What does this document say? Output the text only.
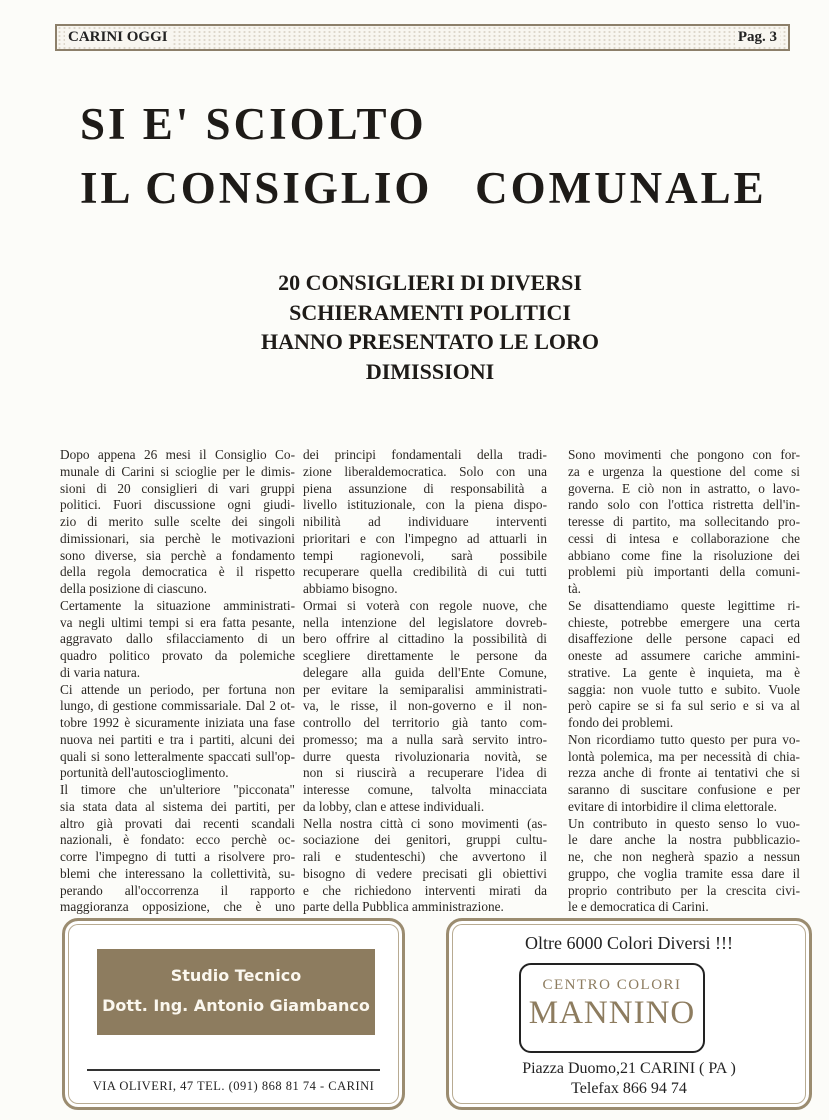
CARINI OGGI	Pag. 3
SI E' SCIOLTO
IL CONSIGLIO   COMUNALE
20 CONSIGLIERI DI DIVERSI
SCHIERAMENTI POLITICI
HANNO PRESENTATO LE LORO
DIMISSIONI
Dopo appena 26 mesi il Consiglio Co-
munale di Carini si scioglie per le dimis-
sioni di 20 consiglieri di vari gruppi
politici. Fuori discussione ogni giudi-
zio di merito sulle scelte dei singoli
dimissionari, sia perchè le motivazioni
sono diverse, sia perchè a fondamento
della regola democratica è il rispetto
della posizione di ciascuno.
Certamente la situazione amministrati-
va negli ultimi tempi si era fatta pesante,
aggravato dallo sfilacciamento di un
quadro politico provato da polemiche
di varia natura.
Ci attende un periodo, per fortuna non
lungo, di gestione commissariale. Dal 2 ot-
tobre 1992 è sicuramente iniziata una fase
nuova nei partiti e tra i partiti, alcuni dei
quali si sono letteralmente spaccati sull'op-
portunità dell'autoscioglimento.
Il timore che un'ulteriore "picconata"
sia stata data al sistema dei partiti, per
altro già provati dai recenti scandali
nazionali, è fondato: ecco perchè oc-
corre l'impegno di tutti a risolvere pro-
blemi che interessano la collettività, su-
perando all'occorrenza il rapporto
maggioranza opposizione, che è uno
dei principi fondamentali della tradi-
zione liberaldemocratica. Solo con una
piena assunzione di responsabilità a
livello istituzionale, con la piena dispo-
nibilità ad individuare interventi
prioritari e con l'impegno ad attuarli in
tempi ragionevoli, sarà possibile
recuperare quella credibilità di cui tutti
abbiamo bisogno.
Ormai si voterà con regole nuove, che
nella intenzione del legislatore dovreb-
bero offrire al cittadino la possibilità di
scegliere direttamente le persone da
delegare alla guida dell'Ente Comune,
per evitare la semiparalisi amministrati-
va, le risse, il non-governo e il non-
controllo del territorio già tanto com-
promesso; ma a nulla sarà servito intro-
durre questa rivoluzionaria novità, se
non si riuscirà a recuperare l'idea di
interesse comune, talvolta minacciata
da lobby, clan e attese individuali.
Nella nostra città ci sono movimenti (as-
sociazione dei genitori, gruppi cultu-
rali e studenteschi) che avvertono il
bisogno di vedere precisati gli obiettivi
e che richiedono interventi mirati da
parte della Pubblica amministrazione.
Sono movimenti che pongono con for-
za e urgenza la questione del come si
governa. E ciò non in astratto, o lavo-
rando solo con l'ottica ristretta dell'in-
teresse di partito, ma sollecitando pro-
cessi di intesa e collaborazione che
abbiano come fine la risoluzione dei
problemi più importanti della comuni-
tà.
Se disattendiamo queste legittime ri-
chieste, potrebbe emergere una certa
disaffezione delle persone capaci ed
oneste ad assumere cariche ammini-
strative. La gente è inquieta, ma è
saggia: non vuole tutto e subito. Vuole
però capire se si fa sul serio e si va al
fondo dei problemi.
Non ricordiamo tutto questo per pura vo-
lontà polemica, ma per necessità di chia-
rezza anche di fronte ai tentativi che si
saranno di suscitare confusione e per
evitare di intorbidire il clima elettorale.
Un contributo in questo senso lo vuo-
le dare anche la nostra pubblicazio-
ne, che non negherà spazio a nessun
gruppo, che voglia tramite essa dare il
proprio contributo per la crescita civi-
le e democratica di Carini.
Studio Tecnico
Dott. Ing. Antonio Giambanco
VIA OLIVERI, 47 TEL. (091) 868 81 74 - CARINI
Oltre 6000 Colori Diversi !!!
CENTRO COLORI
MANNINO
Piazza Duomo,21 CARINI ( PA )
Telefax 866 94 74
